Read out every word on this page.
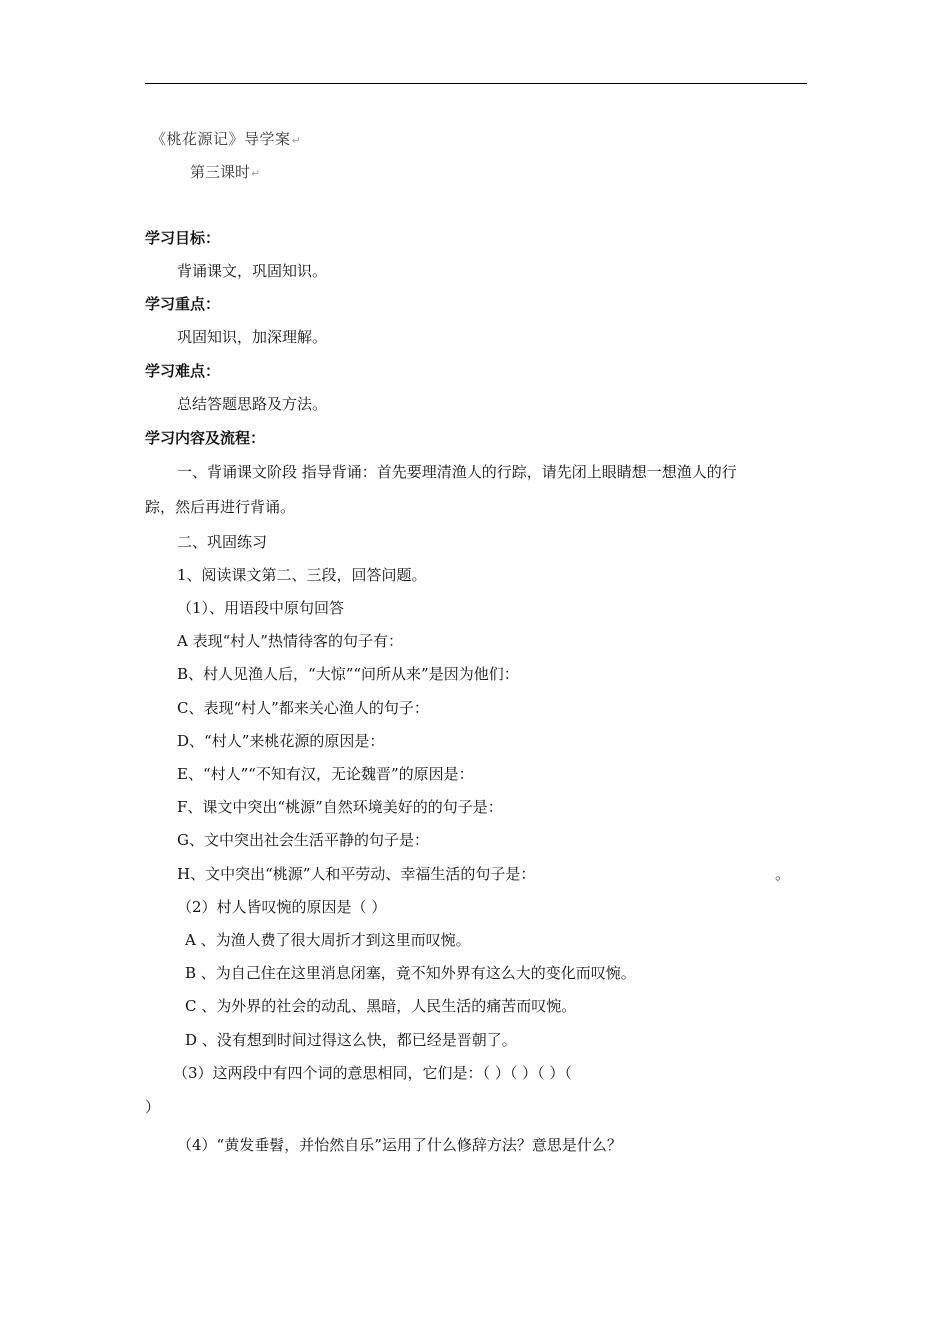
《桃花源记》导学案↵
第三课时↵
学习目标：
背诵课文，巩固知识。
学习重点：
巩固知识，加深理解。
学习难点：
总结答题思路及方法。
学习内容及流程：
一、背诵课文阶段 指导背诵：首先要理清渔人的行踪，请先闭上眼睛想一想渔人的行
踪，然后再进行背诵。
二、巩固练习
1、阅读课文第二、三段，回答问题。
（1）、用语段中原句回答
A 表现“村人”热情待客的句子有：
B、村人见渔人后，“大惊”“问所从来”是因为他们：
C、表现“村人”都来关心渔人的句子：
D、“村人”来桃花源的原因是：
E、“村人”“不知有汉，无论魏晋”的原因是：
F、课文中突出“桃源”自然环境美好的的句子是：
G、文中突出社会生活平静的句子是：
H、文中突出“桃源”人和平劳动、幸福生活的句子是：	。
（2）村人皆叹惋的原因是（ ）
A 、为渔人费了很大周折才到这里而叹惋。
B 、为自己住在这里消息闭塞，竟不知外界有这么大的变化而叹惋。
C 、为外界的社会的动乱、黑暗，人民生活的痛苦而叹惋。
D 、没有想到时间过得这么快，都已经是晋朝了。
（3）这两段中有四个词的意思相同，它们是：（ ）（ ）（ ）（
）
（4）“黄发垂髫，并怡然自乐”运用了什么修辞方法？意思是什么？
